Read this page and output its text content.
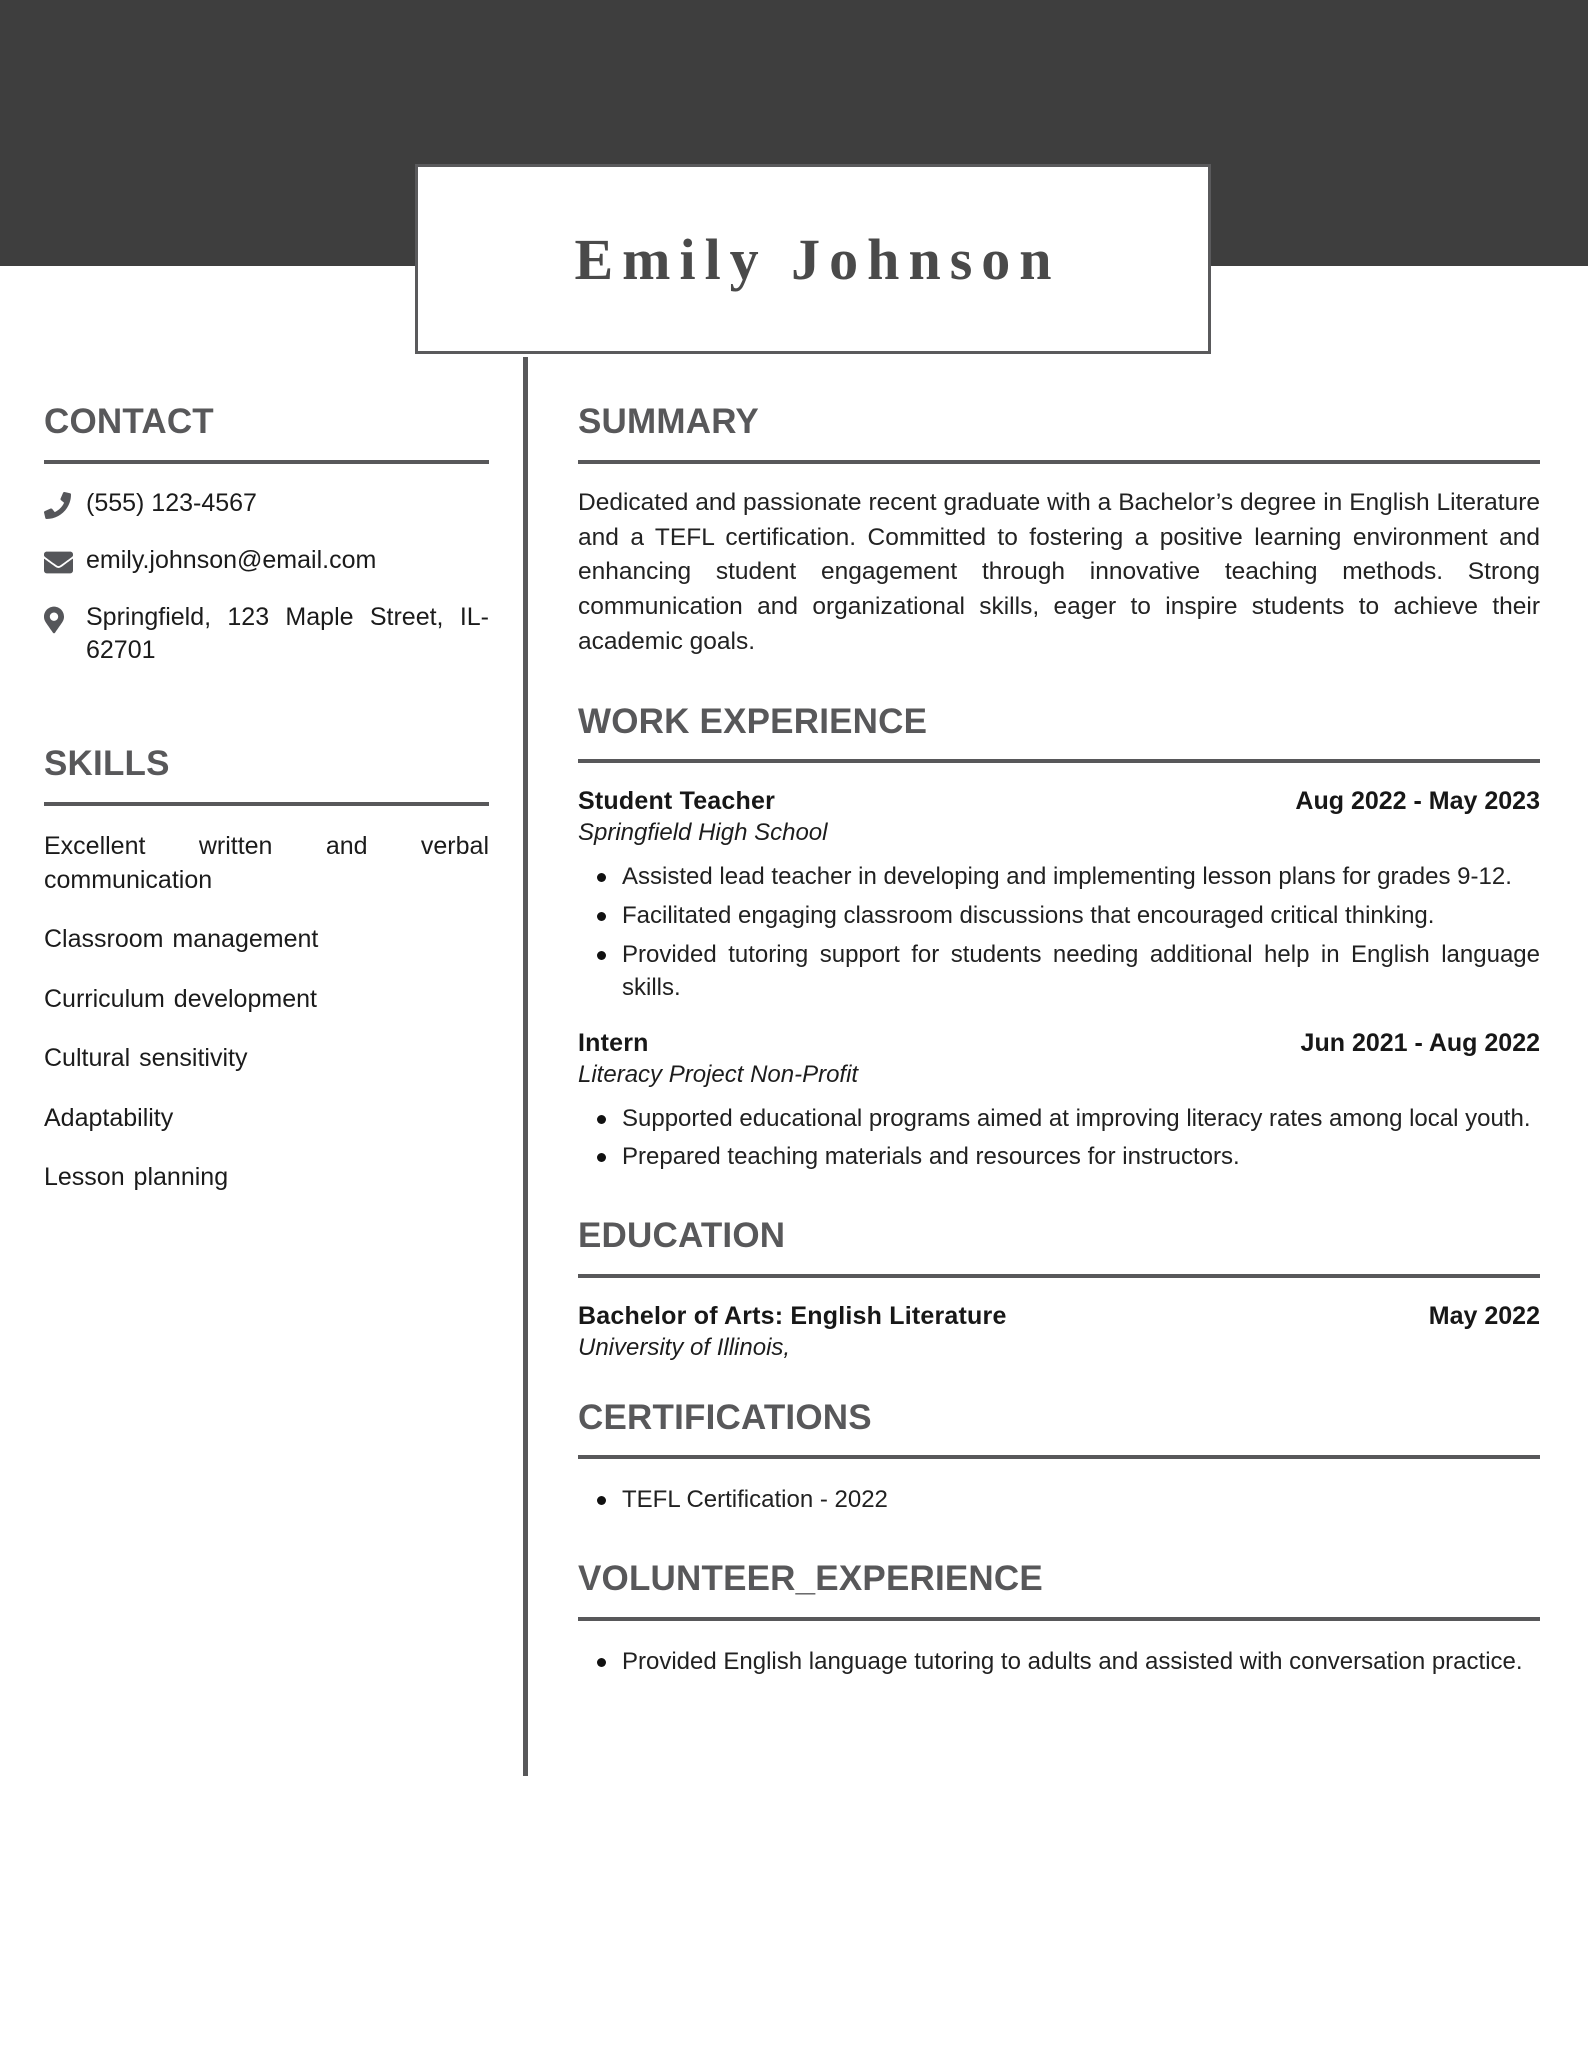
Emily Johnson
CONTACT
(555) 123-4567
emily.johnson@email.com
Springfield, 123 Maple Street, IL-62701
SKILLS
Excellent written and verbal communication
Classroom management
Curriculum development
Cultural sensitivity
Adaptability
Lesson planning
SUMMARY
Dedicated and passionate recent graduate with a Bachelor’s degree in English Literature and a TEFL certification. Committed to fostering a positive learning environment and enhancing student engagement through innovative teaching methods. Strong communication and organizational skills, eager to inspire students to achieve their academic goals.
WORK EXPERIENCE
Student Teacher	Aug 2022 - May 2023
Springfield High School
Assisted lead teacher in developing and implementing lesson plans for grades 9-12.
Facilitated engaging classroom discussions that encouraged critical thinking.
Provided tutoring support for students needing additional help in English language skills.
Intern	Jun 2021 - Aug 2022
Literacy Project Non-Profit
Supported educational programs aimed at improving literacy rates among local youth.
Prepared teaching materials and resources for instructors.
EDUCATION
Bachelor of Arts: English Literature	May 2022
University of Illinois,
CERTIFICATIONS
TEFL Certification - 2022
VOLUNTEER_EXPERIENCE
Provided English language tutoring to adults and assisted with conversation practice.
